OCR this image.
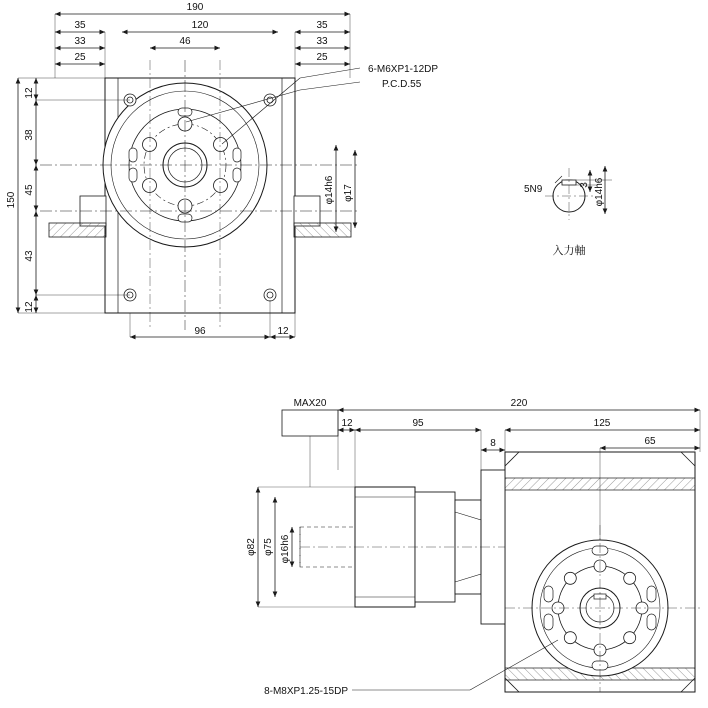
190
35	120	35
33	46	33
25	25
150
12
38
45
43
12
96	12
φ14h6 φ17
6-M6XP1-12DP
P.C.D.55
5N9	3 φ14h6
入力軸
MAX20	220
12	95	125
8	65
φ82 φ75 φ16h6
8-M8XP1.25-15DP
